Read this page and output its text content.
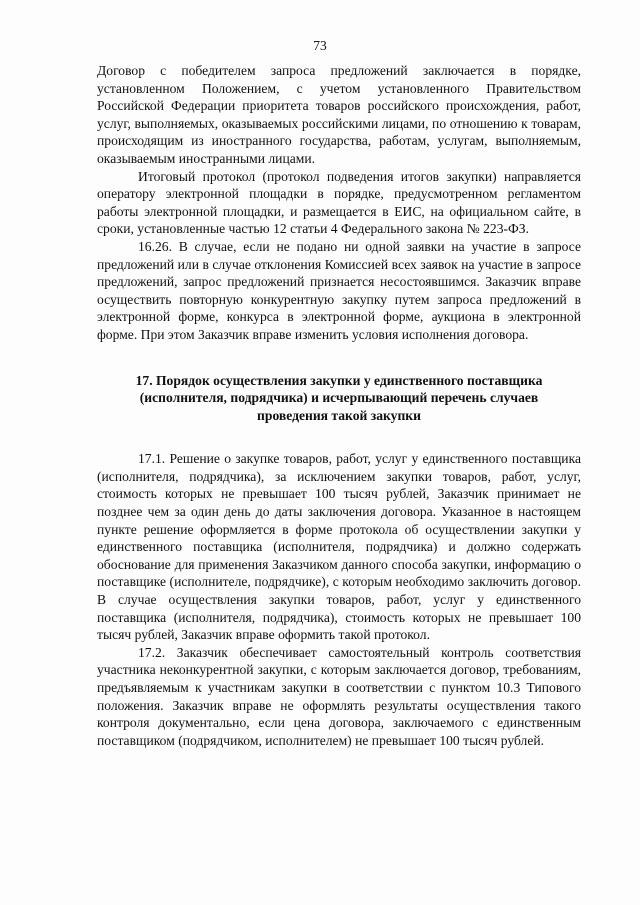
73

Договор с победителем запроса предложений заключается в порядке, установленном Положением, с учетом установленного Правительством Российской Федерации приоритета товаров российского происхождения, работ, услуг, выполняемых, оказываемых российскими лицами, по отношению к товарам, происходящим из иностранного государства, работам, услугам, выполняемым, оказываемым иностранными лицами.

Итоговый протокол (протокол подведения итогов закупки) направляется оператору электронной площадки в порядке, предусмотренном регламентом работы электронной площадки, и размещается в ЕИС, на официальном сайте, в сроки, установленные частью 12 статьи 4 Федерального закона № 223-ФЗ.

16.26. В случае, если не подано ни одной заявки на участие в запросе предложений или в случае отклонения Комиссией всех заявок на участие в запросе предложений, запрос предложений признается несостоявшимся. Заказчик вправе осуществить повторную конкурентную закупку путем запроса предложений в электронной форме, конкурса в электронной форме, аукциона в электронной форме. При этом Заказчик вправе изменить условия исполнения договора.

17. Порядок осуществления закупки у единственного поставщика
(исполнителя, подрядчика) и исчерпывающий перечень случаев
проведения такой закупки

17.1. Решение о закупке товаров, работ, услуг у единственного поставщика (исполнителя, подрядчика), за исключением закупки товаров, работ, услуг, стоимость которых не превышает 100 тысяч рублей, Заказчик принимает не позднее чем за один день до даты заключения договора. Указанное в настоящем пункте решение оформляется в форме протокола об осуществлении закупки у единственного поставщика (исполнителя, подрядчика) и должно содержать обоснование для применения Заказчиком данного способа закупки, информацию о поставщике (исполнителе, подрядчике), с которым необходимо заключить договор. В случае осуществления закупки товаров, работ, услуг у единственного поставщика (исполнителя, подрядчика), стоимость которых не превышает 100 тысяч рублей, Заказчик вправе оформить такой протокол.

17.2. Заказчик обеспечивает самостоятельный контроль соответствия участника неконкурентной закупки, с которым заключается договор, требованиям, предъявляемым к участникам закупки в соответствии с пунктом 10.3 Типового положения. Заказчик вправе не оформлять результаты осуществления такого контроля документально, если цена договора, заключаемого с единственным поставщиком (подрядчиком, исполнителем) не превышает 100 тысяч рублей.
